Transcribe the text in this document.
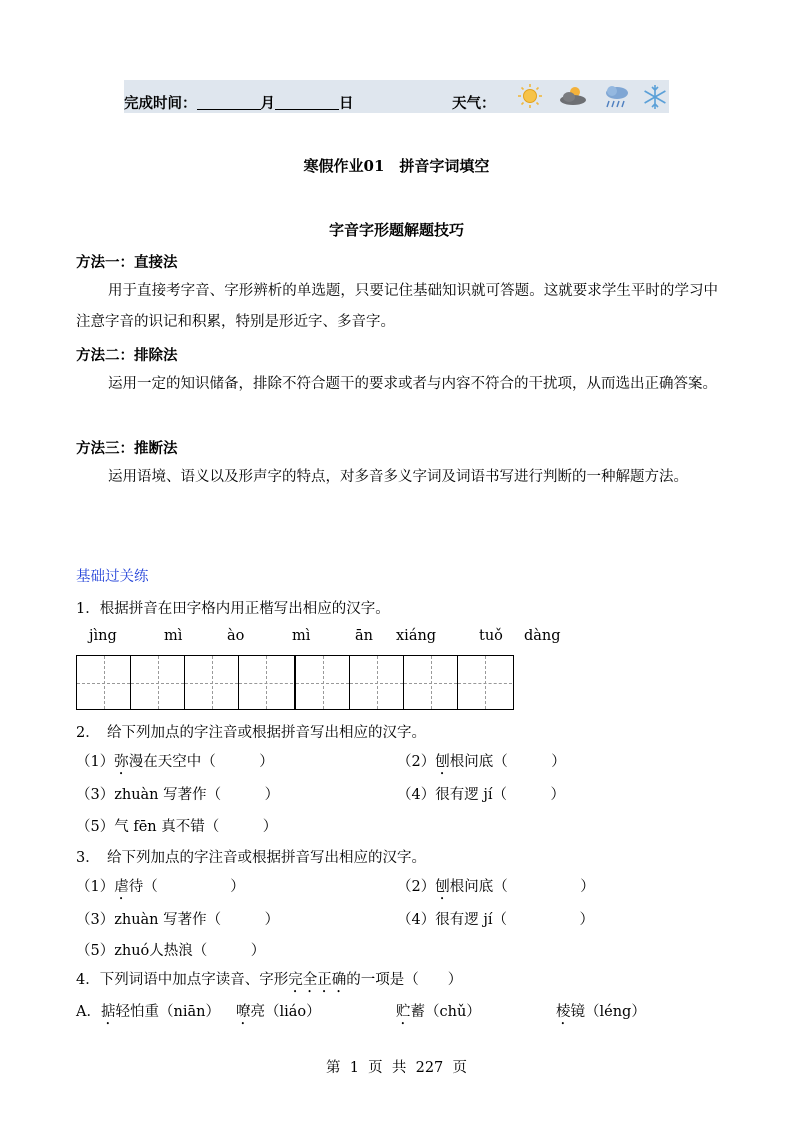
完成时间：	月	日	天气：
寒假作业01　拼音字词填空
字音字形题解题技巧
方法一：直接法
用于直接考字音、字形辨析的单选题，只要记住基础知识就可答题。这就要求学生平时的学习中注意字音的识记和积累，特别是形近字、多音字。
方法二：排除法
运用一定的知识储备，排除不符合题干的要求或者与内容不符合的干扰项，从而选出正确答案。
方法三：推断法
运用语境、语义以及形声字的特点，对多音多义字词及词语书写进行判断的一种解题方法。
基础过关练
1．根据拼音在田字格内用正楷写出相应的汉字。
jìng	mì	ào	mì	ān xiáng	tuǒ dàng
2．　给下列加点的字注音或根据拼音写出相应的汉字。
（1）弥漫在天空中（　　　）	（2）刨根问底（　　　）
（3）zhuàn 写著作（　　　）	（4）很有逻 jí（　　　）
（5）气 fēn 真不错（　　　）
3．　给下列加点的字注音或根据拼音写出相应的汉字。
（1）虐待（　　　　　）	（2）刨根问底（　　　　　）
（3）zhuàn 写著作（　　　）	（4）很有逻 jí（　　　　　）
（5）zhuó人热浪（　　　）
4．下列词语中加点字读音、字形完全正确的一项是（　　）
A．掂轻怕重（niān） 嘹亮（liáo）	贮蓄（chǔ）	棱镜（léng）
第  1  页  共  227  页
